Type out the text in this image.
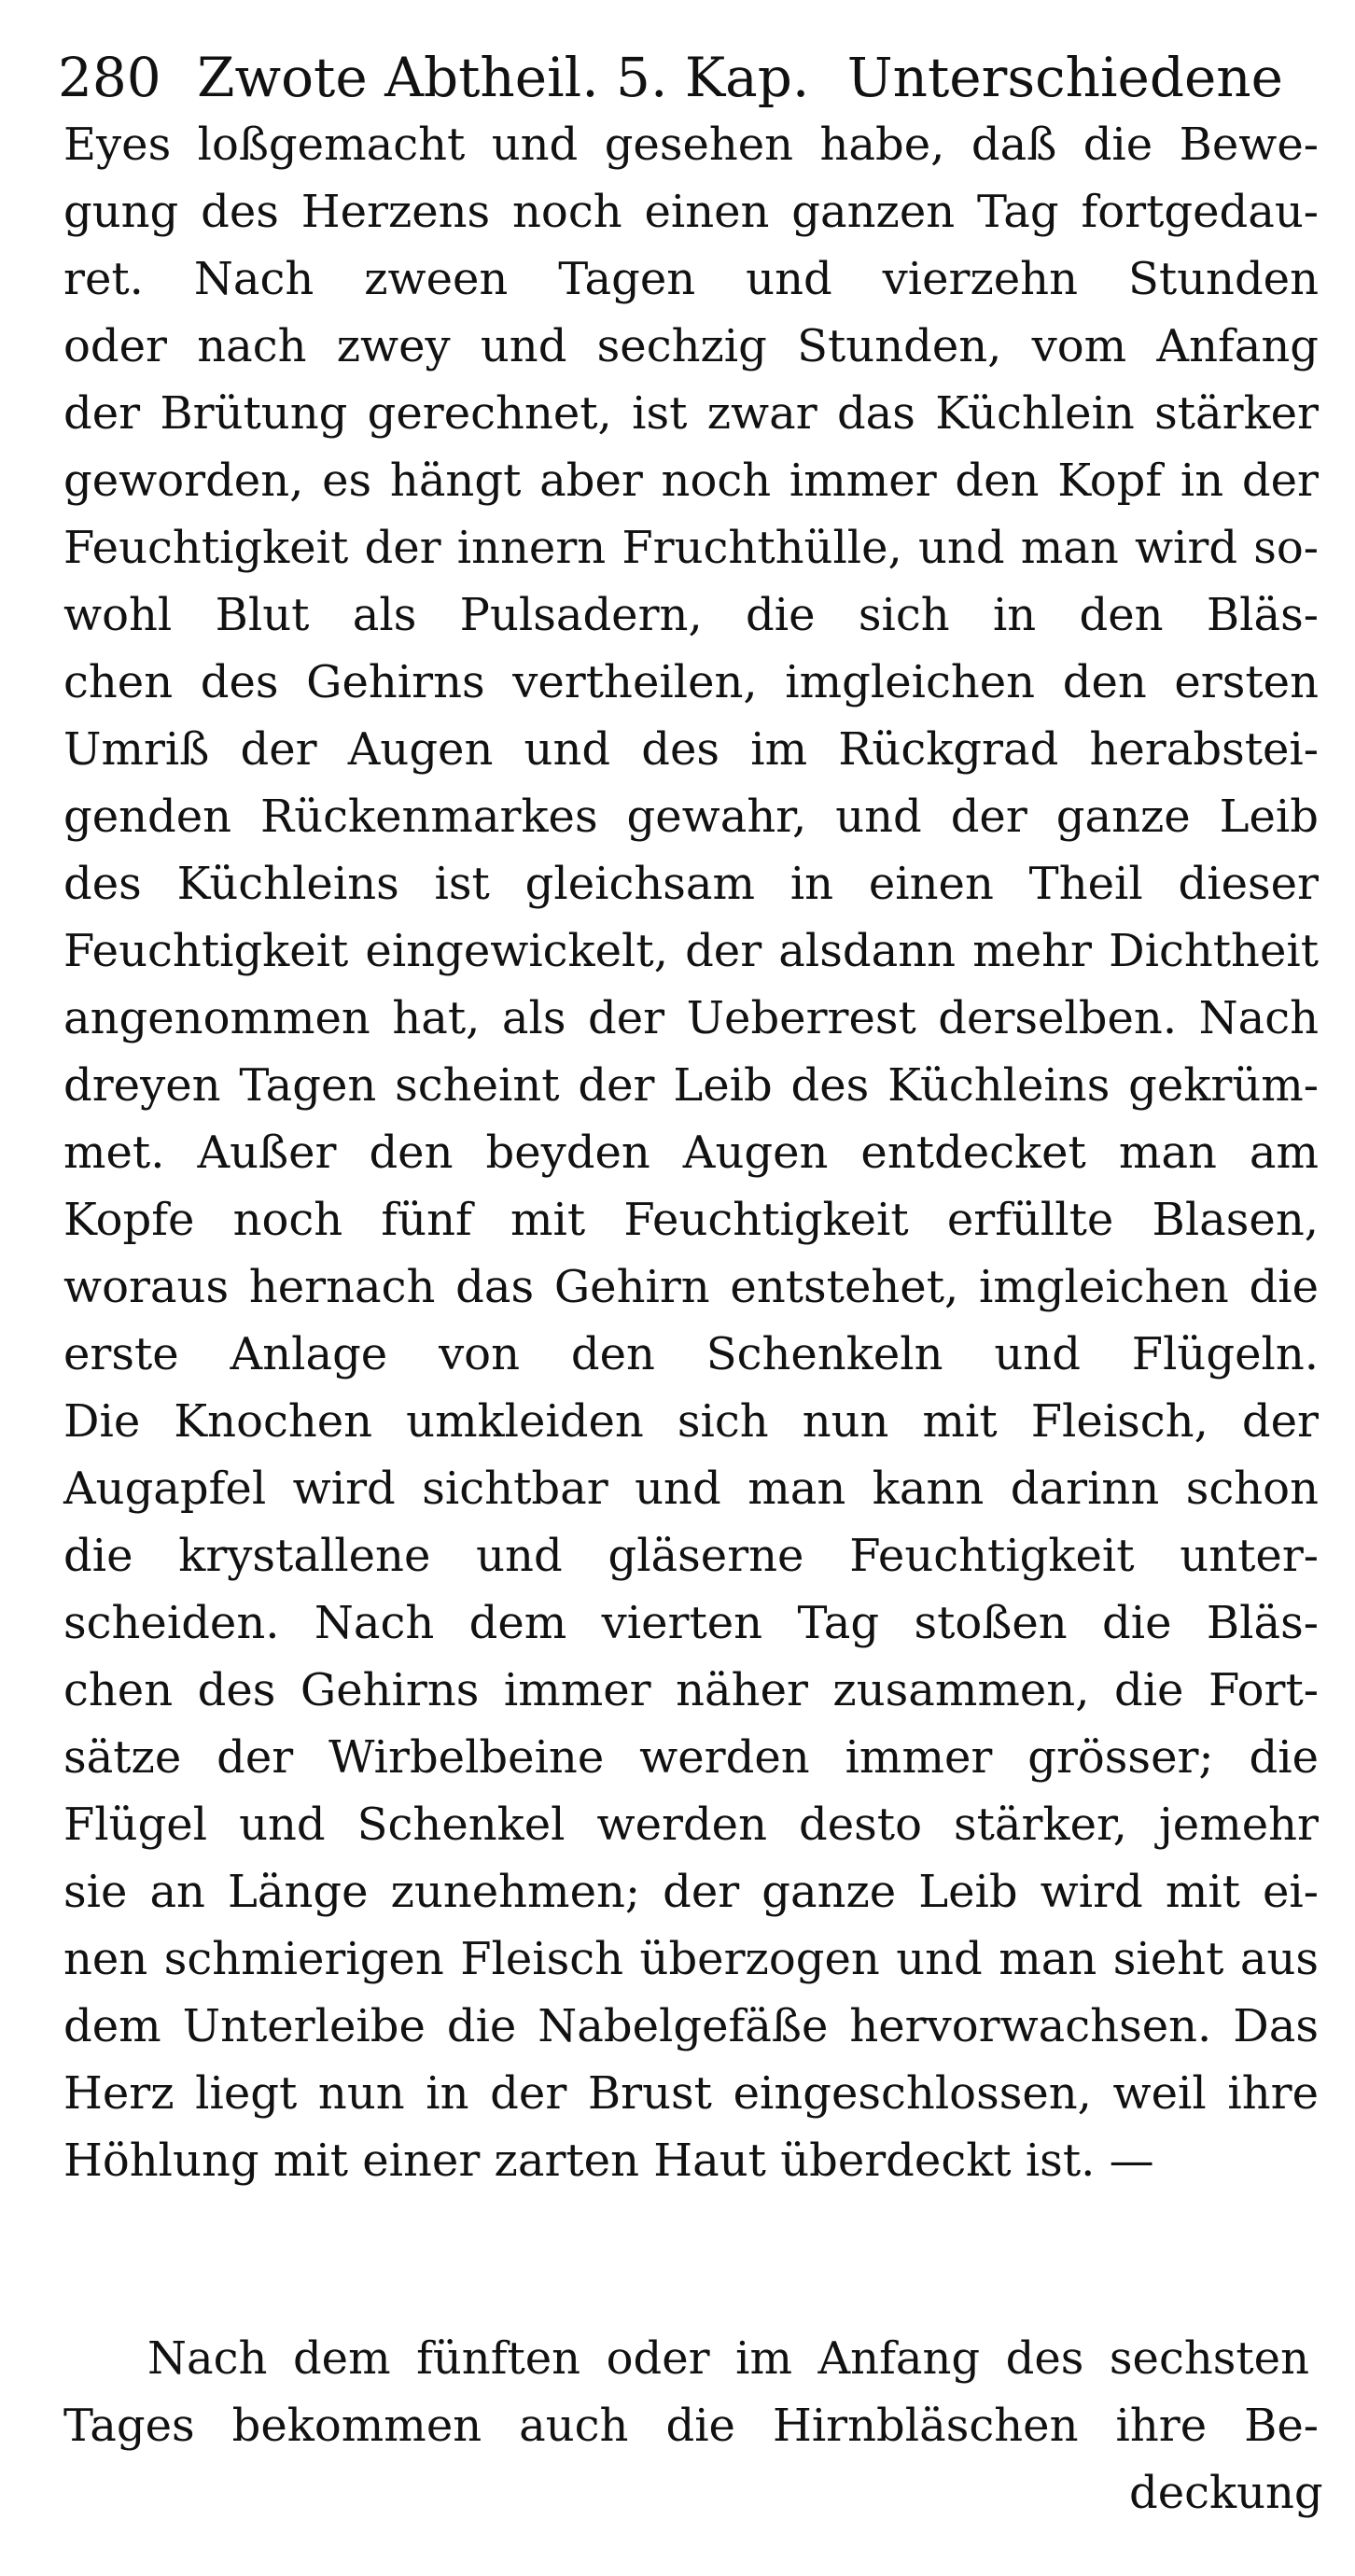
280 Zwote Abtheil. 5. Kap. Unterschiedene
Eyes loßgemacht und gesehen habe, daß die Bewe-
gung des Herzens noch einen ganzen Tag fortgedau-
ret. Nach zween Tagen und vierzehn Stunden
oder nach zwey und sechzig Stunden, vom Anfang
der Brütung gerechnet, ist zwar das Küchlein stärker
geworden, es hängt aber noch immer den Kopf in der
Feuchtigkeit der innern Fruchthülle, und man wird so-
wohl Blut als Pulsadern, die sich in den Bläs-
chen des Gehirns vertheilen, imgleichen den ersten
Umriß der Augen und des im Rückgrad herabstei-
genden Rückenmarkes gewahr, und der ganze Leib
des Küchleins ist gleichsam in einen Theil dieser
Feuchtigkeit eingewickelt, der alsdann mehr Dichtheit
angenommen hat, als der Ueberrest derselben. Nach
dreyen Tagen scheint der Leib des Küchleins gekrüm-
met. Außer den beyden Augen entdecket man am
Kopfe noch fünf mit Feuchtigkeit erfüllte Blasen,
woraus hernach das Gehirn entstehet, imgleichen die
erste Anlage von den Schenkeln und Flügeln.
Die Knochen umkleiden sich nun mit Fleisch, der
Augapfel wird sichtbar und man kann darinn schon
die krystallene und gläserne Feuchtigkeit unter-
scheiden. Nach dem vierten Tag stoßen die Bläs-
chen des Gehirns immer näher zusammen, die Fort-
sätze der Wirbelbeine werden immer grösser; die
Flügel und Schenkel werden desto stärker, jemehr
sie an Länge zunehmen; der ganze Leib wird mit ei-
nen schmierigen Fleisch überzogen und man sieht aus
dem Unterleibe die Nabelgefäße hervorwachsen. Das
Herz liegt nun in der Brust eingeschlossen, weil ihre
Höhlung mit einer zarten Haut überdeckt ist. —
Nach dem fünften oder im Anfang des sechsten
Tages bekommen auch die Hirnbläschen ihre Be-
deckung
